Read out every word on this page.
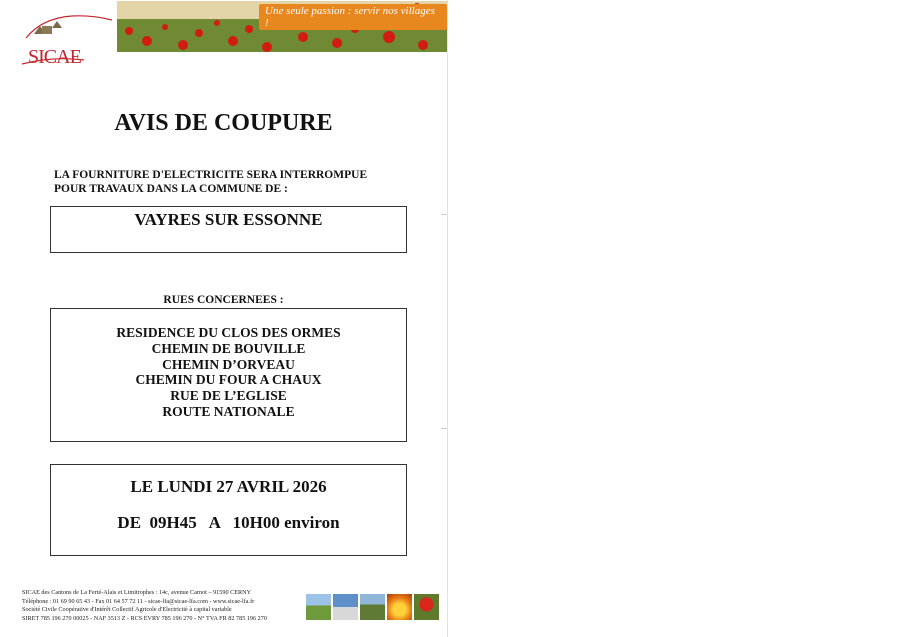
SICAE
Une seule passion : servir nos villages !
AVIS DE COUPURE
LA FOURNITURE D'ELECTRICITE SERA INTERROMPUE
POUR TRAVAUX DANS LA COMMUNE DE :
VAYRES SUR ESSONNE
RUES CONCERNEES :
RESIDENCE DU CLOS DES ORMES
CHEMIN DE BOUVILLE
CHEMIN D’ORVEAU
CHEMIN DU FOUR A CHAUX
RUE DE L’EGLISE
ROUTE NATIONALE
LE LUNDI 27 AVRIL 2026
DE  09H45   A   10H00 environ
SICAE des Cantons de La Ferté-Alais et Limitrophes : 14c, avenue Carnot – 91590 CERNY
Téléphone : 01 69 90 65 43 - Fax 01 64 57 72 11 - sicae-lfa@sicae-lfa.com - www.sicae-lfa.fr
Société Civile Coopérative d'Intérêt Collectif Agricole d'Electricité à capital variable
SIRET 785 196 270 00025 - NAF 3513 Z - RCS EVRY 785 196 270 - N° TVA FR 82 785 196 270
